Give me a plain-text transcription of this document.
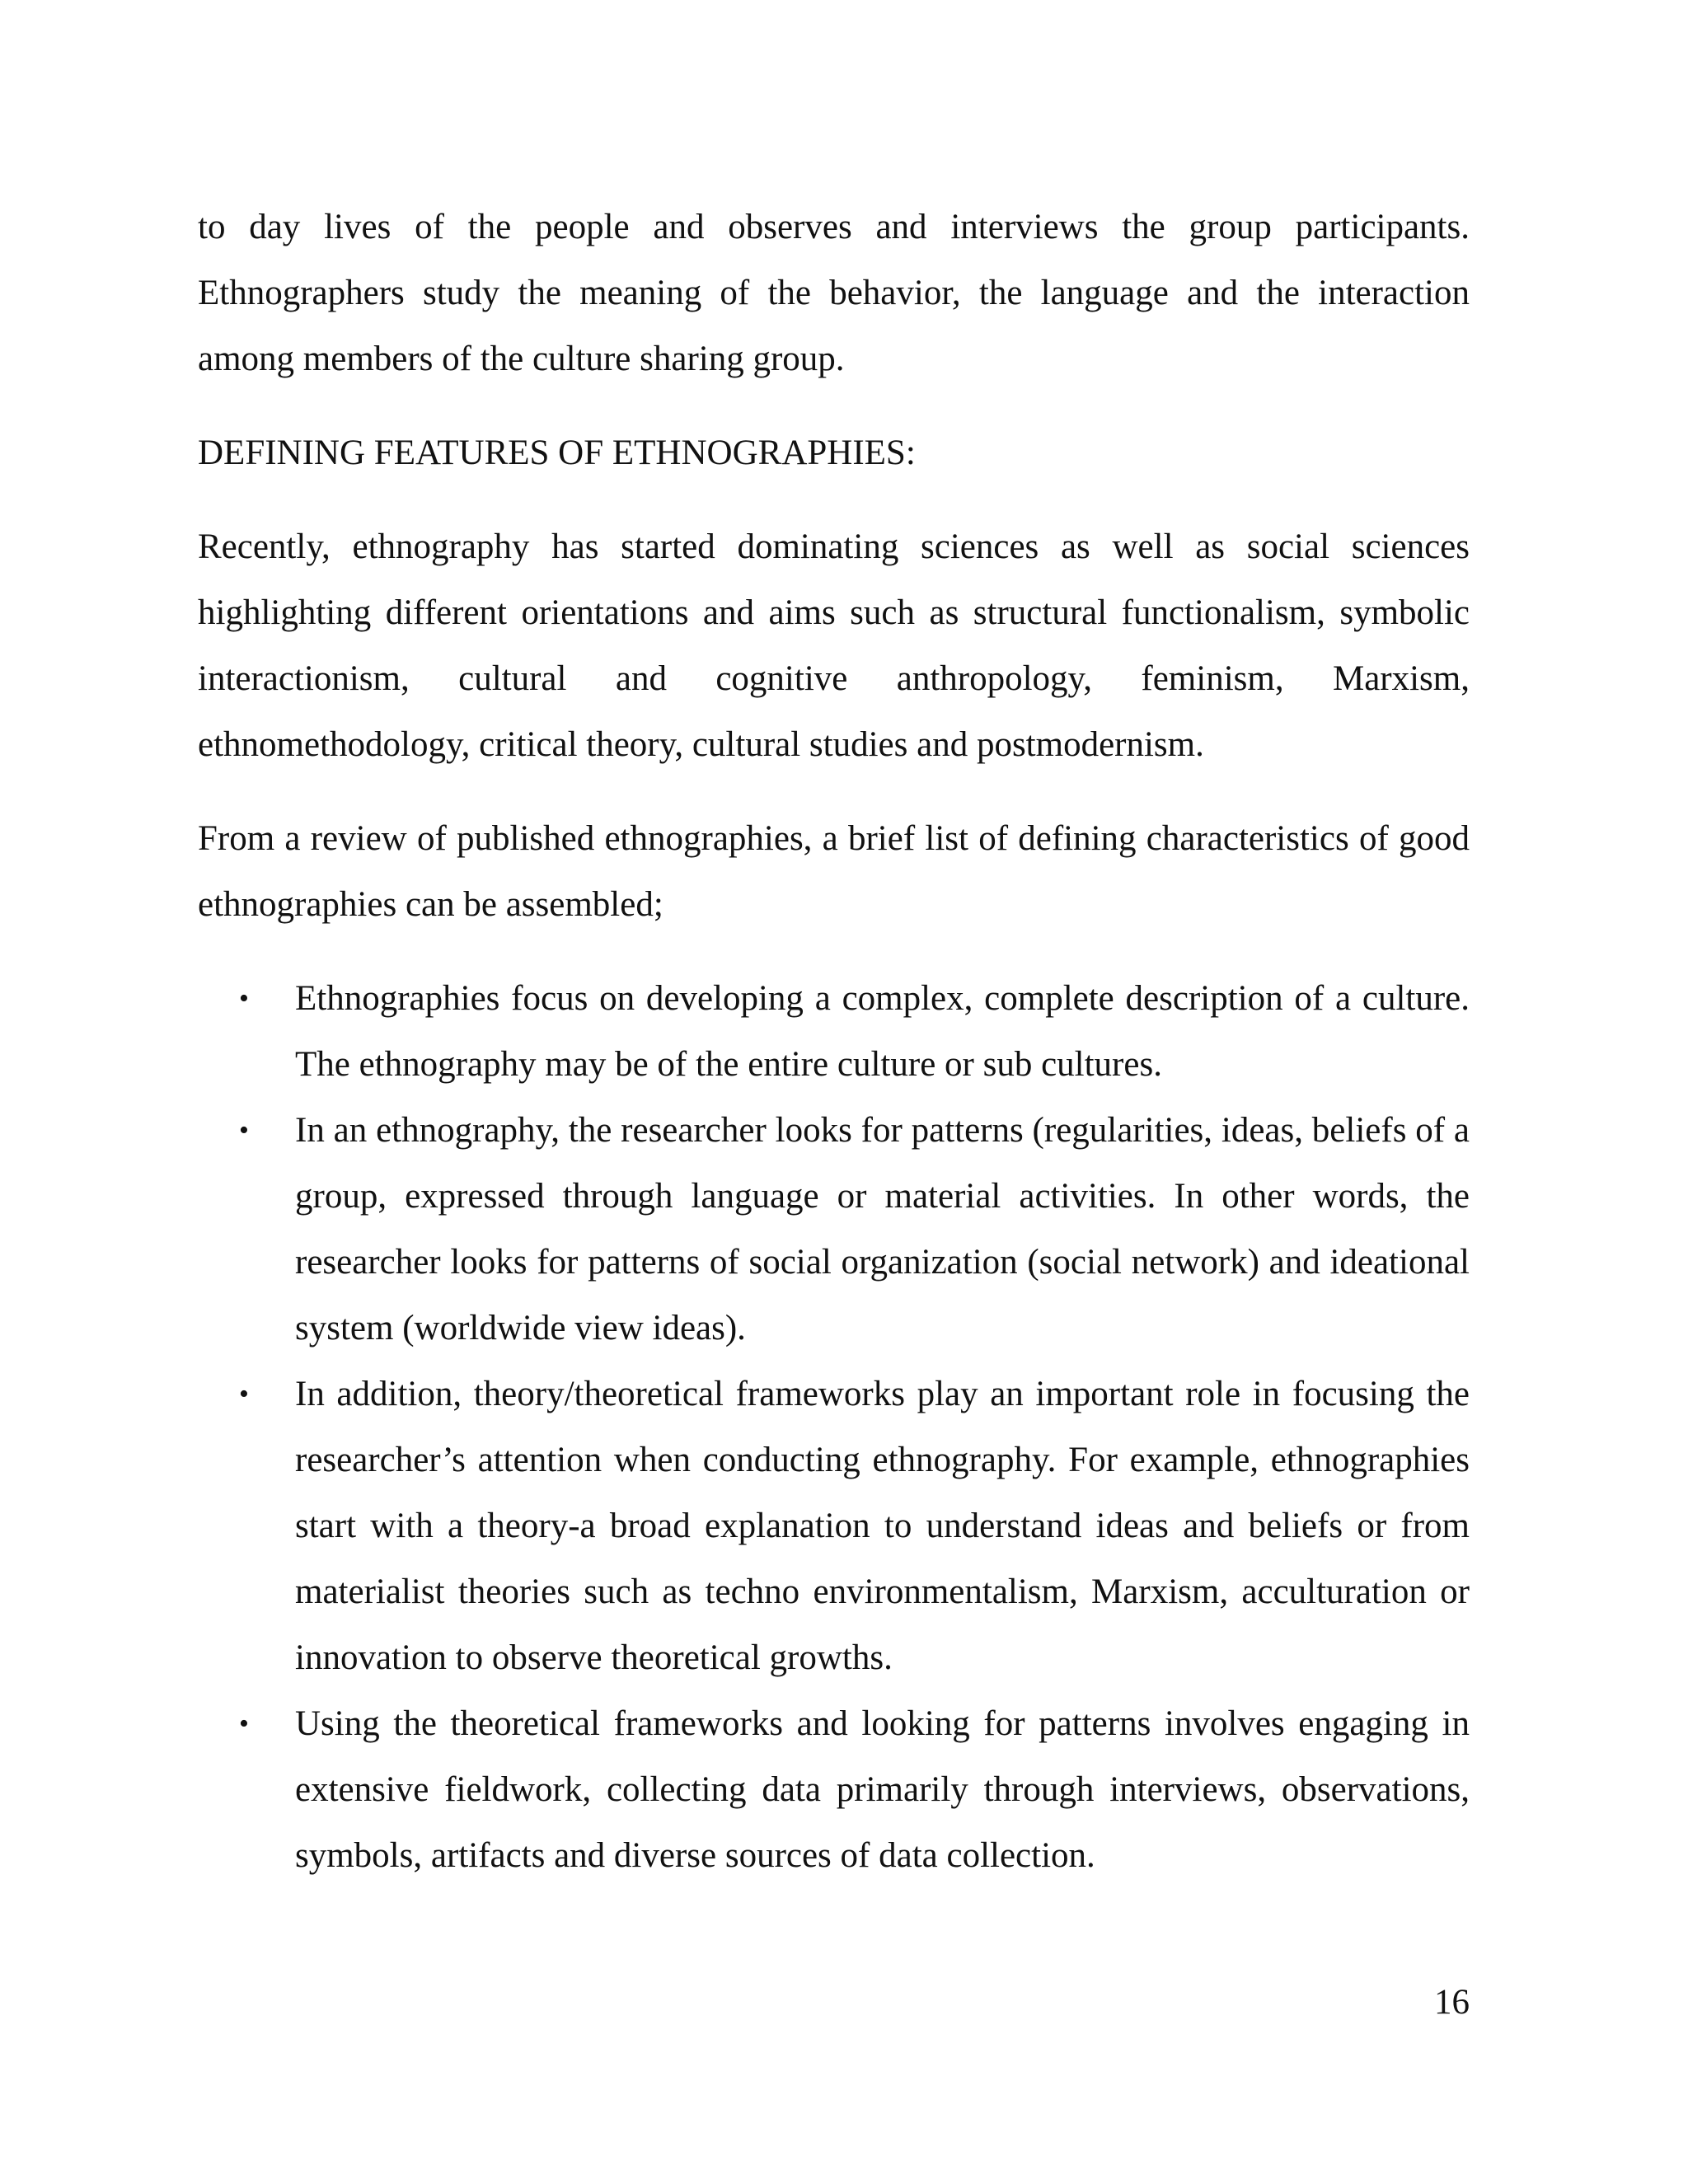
to day lives of the people and observes and interviews the group participants. Ethnographers study the meaning of the behavior, the language and the interaction among members of the culture sharing group.

DEFINING FEATURES OF ETHNOGRAPHIES:

Recently, ethnography has started dominating sciences as well as social sciences highlighting different orientations and aims such as structural functionalism, symbolic interactionism, cultural and cognitive anthropology, feminism, Marxism, ethnomethodology, critical theory, cultural studies and postmodernism.

From a review of published ethnographies, a brief list of defining characteristics of good ethnographies can be assembled;

• Ethnographies focus on developing a complex, complete description of a culture. The ethnography may be of the entire culture or sub cultures.
• In an ethnography, the researcher looks for patterns (regularities, ideas, beliefs of a group, expressed through language or material activities. In other words, the researcher looks for patterns of social organization (social network) and ideational system (worldwide view ideas).
• In addition, theory/theoretical frameworks play an important role in focusing the researcher’s attention when conducting ethnography. For example, ethnographies start with a theory-a broad explanation to understand ideas and beliefs or from materialist theories such as techno environmentalism, Marxism, acculturation or innovation to observe theoretical growths.
• Using the theoretical frameworks and looking for patterns involves engaging in extensive fieldwork, collecting data primarily through interviews, observations, symbols, artifacts and diverse sources of data collection.
16
